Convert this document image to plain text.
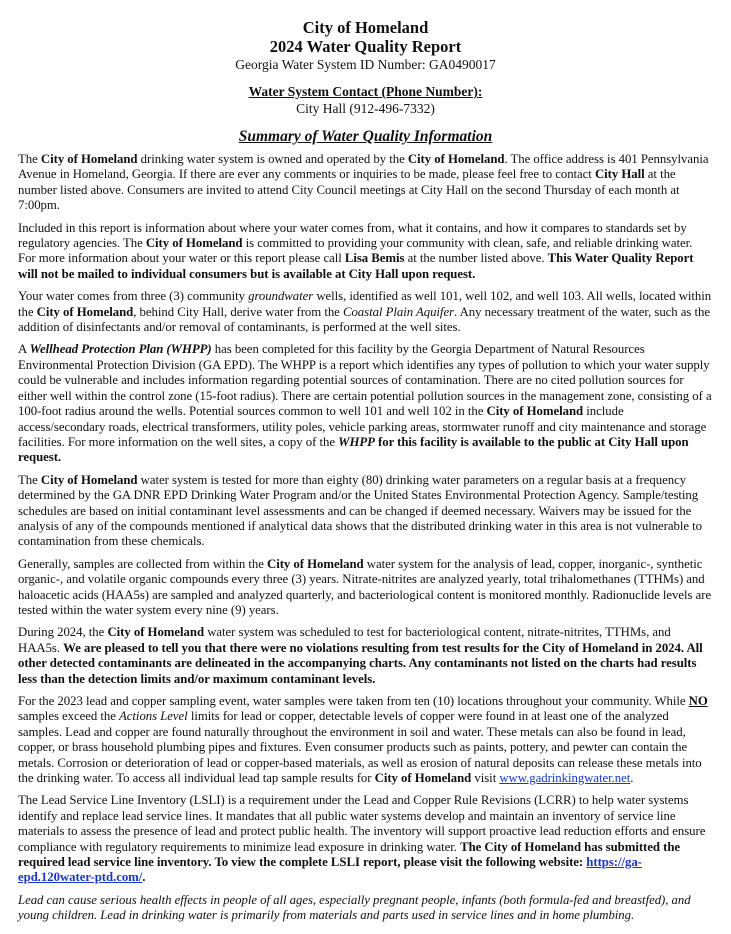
City of Homeland
2024 Water Quality Report
Georgia Water System ID Number: GA0490017
Water System Contact (Phone Number):
City Hall (912-496-7332)
Summary of Water Quality Information

The City of Homeland drinking water system is owned and operated by the City of Homeland. The office address is 401 Pennsylvania Avenue in Homeland, Georgia. If there are ever any comments or inquiries to be made, please feel free to contact City Hall at the number listed above. Consumers are invited to attend City Council meetings at City Hall on the second Thursday of each month at 7:00pm.

Included in this report is information about where your water comes from, what it contains, and how it compares to standards set by regulatory agencies. The City of Homeland is committed to providing your community with clean, safe, and reliable drinking water. For more information about your water or this report please call Lisa Bemis at the number listed above. This Water Quality Report will not be mailed to individual consumers but is available at City Hall upon request.

Your water comes from three (3) community groundwater wells, identified as well 101, well 102, and well 103. All wells, located within the City of Homeland, behind City Hall, derive water from the Coastal Plain Aquifer. Any necessary treatment of the water, such as the addition of disinfectants and/or removal of contaminants, is performed at the well sites.

A Wellhead Protection Plan (WHPP) has been completed for this facility by the Georgia Department of Natural Resources Environmental Protection Division (GA EPD). The WHPP is a report which identifies any types of pollution to which your water supply could be vulnerable and includes information regarding potential sources of contamination. There are no cited pollution sources for either well within the control zone (15-foot radius). There are certain potential pollution sources in the management zone, consisting of a 100-foot radius around the wells. Potential sources common to well 101 and well 102 in the City of Homeland include access/secondary roads, electrical transformers, utility poles, vehicle parking areas, stormwater runoff and city maintenance and storage facilities. For more information on the well sites, a copy of the WHPP for this facility is available to the public at City Hall upon request.

The City of Homeland water system is tested for more than eighty (80) drinking water parameters on a regular basis at a frequency determined by the GA DNR EPD Drinking Water Program and/or the United States Environmental Protection Agency. Sample/testing schedules are based on initial contaminant level assessments and can be changed if deemed necessary. Waivers may be issued for the analysis of any of the compounds mentioned if analytical data shows that the distributed drinking water in this area is not vulnerable to contamination from these chemicals.

Generally, samples are collected from within the City of Homeland water system for the analysis of lead, copper, inorganic-, synthetic organic-, and volatile organic compounds every three (3) years. Nitrate-nitrites are analyzed yearly, total trihalomethanes (TTHMs) and haloacetic acids (HAA5s) are sampled and analyzed quarterly, and bacteriological content is monitored monthly. Radionuclide levels are tested within the water system every nine (9) years.

During 2024, the City of Homeland water system was scheduled to test for bacteriological content, nitrate-nitrites, TTHMs, and HAA5s. We are pleased to tell you that there were no violations resulting from test results for the City of Homeland in 2024. All other detected contaminants are delineated in the accompanying charts. Any contaminants not listed on the charts had results less than the detection limits and/or maximum contaminant levels.

For the 2023 lead and copper sampling event, water samples were taken from ten (10) locations throughout your community. While NO samples exceed the Actions Level limits for lead or copper, detectable levels of copper were found in at least one of the analyzed samples. Lead and copper are found naturally throughout the environment in soil and water. These metals can also be found in lead, copper, or brass household plumbing pipes and fixtures. Even consumer products such as paints, pottery, and pewter can contain the metals. Corrosion or deterioration of lead or copper-based materials, as well as erosion of natural deposits can release these metals into the drinking water. To access all individual lead tap sample results for City of Homeland visit www.gadrinkingwater.net.

The Lead Service Line Inventory (LSLI) is a requirement under the Lead and Copper Rule Revisions (LCRR) to help water systems identify and replace lead service lines. It mandates that all public water systems develop and maintain an inventory of service line materials to assess the presence of lead and protect public health. The inventory will support proactive lead reduction efforts and ensure compliance with regulatory requirements to minimize lead exposure in drinking water. The City of Homeland has submitted the required lead service line inventory. To view the complete LSLI report, please visit the following website: https://ga-epd.120water-ptd.com/.

Lead can cause serious health effects in people of all ages, especially pregnant people, infants (both formula-fed and breastfed), and young children. Lead in drinking water is primarily from materials and parts used in service lines and in home plumbing.
